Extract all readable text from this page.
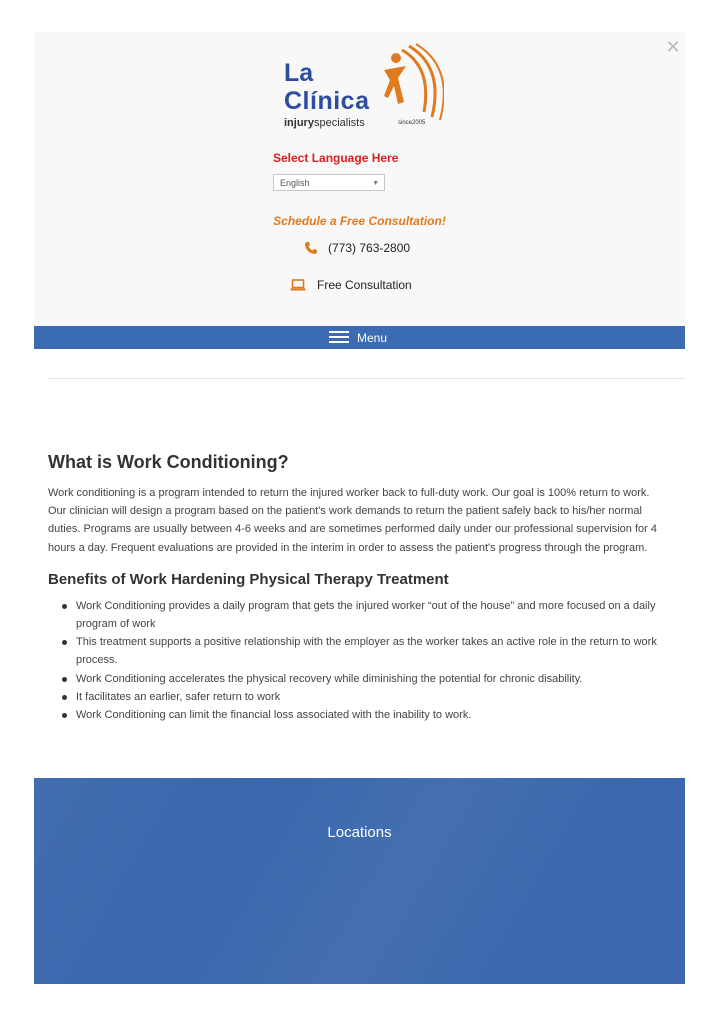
✕
La
Clínica
injuryspecialists	since2005
Select Language Here
English	▼
Schedule a Free Consultation!
(773) 763-2800
Free Consultation
Menu
What is Work Conditioning?

Work conditioning is a program intended to return the injured worker back to full-duty work. Our goal is 100% return to work. Our clinician will design a program based on the patient's work demands to return the patient safely back to his/her normal duties. Programs are usually between 4-6 weeks and are sometimes performed daily under our professional supervision for 4 hours a day. Frequent evaluations are provided in the interim in order to assess the patient's progress through the program.

Benefits of Work Hardening Physical Therapy Treatment
Work Conditioning provides a daily program that gets the injured worker “out of the house” and more focused on a daily program of work
This treatment supports a positive relationship with the employer as the worker takes an active role in the return to work process.
Work Conditioning accelerates the physical recovery while diminishing the potential for chronic disability.
It facilitates an earlier, safer return to work
Work Conditioning can limit the financial loss associated with the inability to work.
Locations
